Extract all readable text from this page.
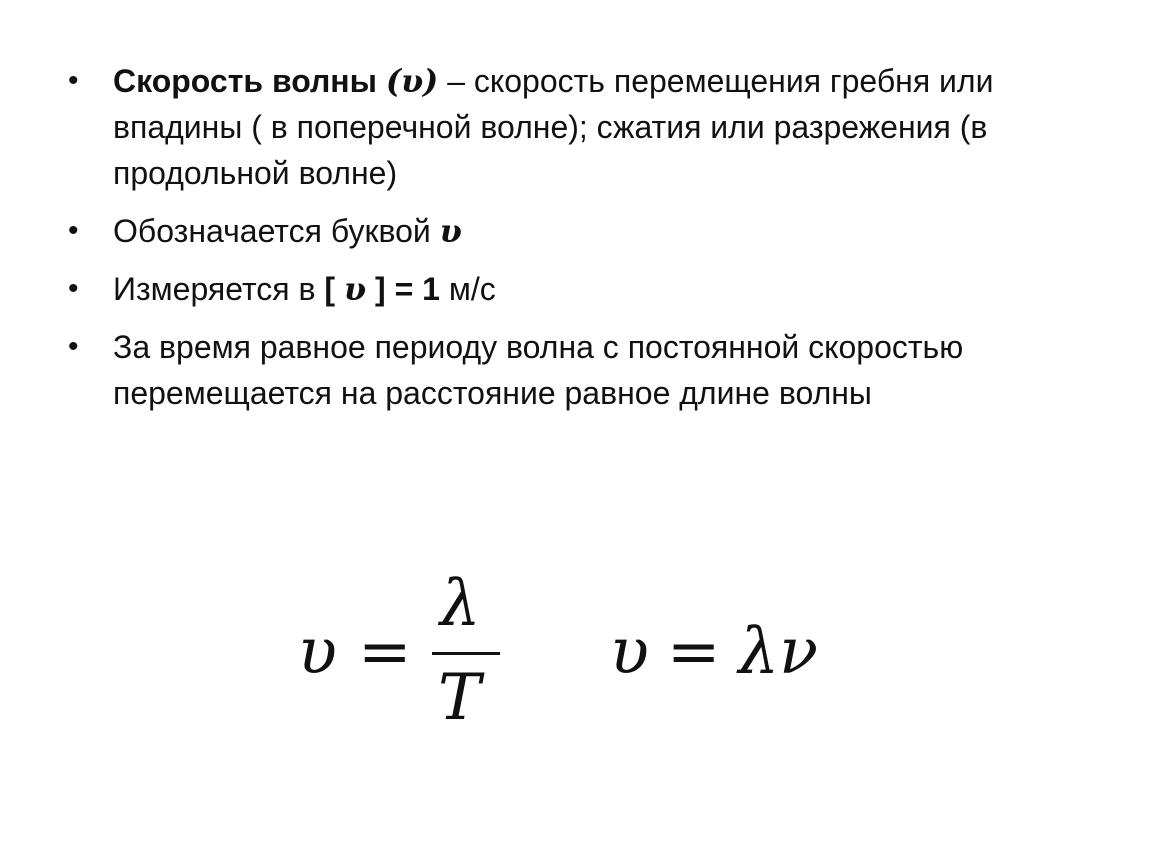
• Скорость волны (υ) – скорость перемещения гребня или впадины ( в поперечной волне); сжатия или разрежения (в продольной волне)
• Обозначается буквой υ
• Измеряется в [ υ ] = 1 м/с
• За время равное периоду волна с постоянной скоростью перемещается на расстояние равное длине волны
υ =
λ
T
υ = λν
